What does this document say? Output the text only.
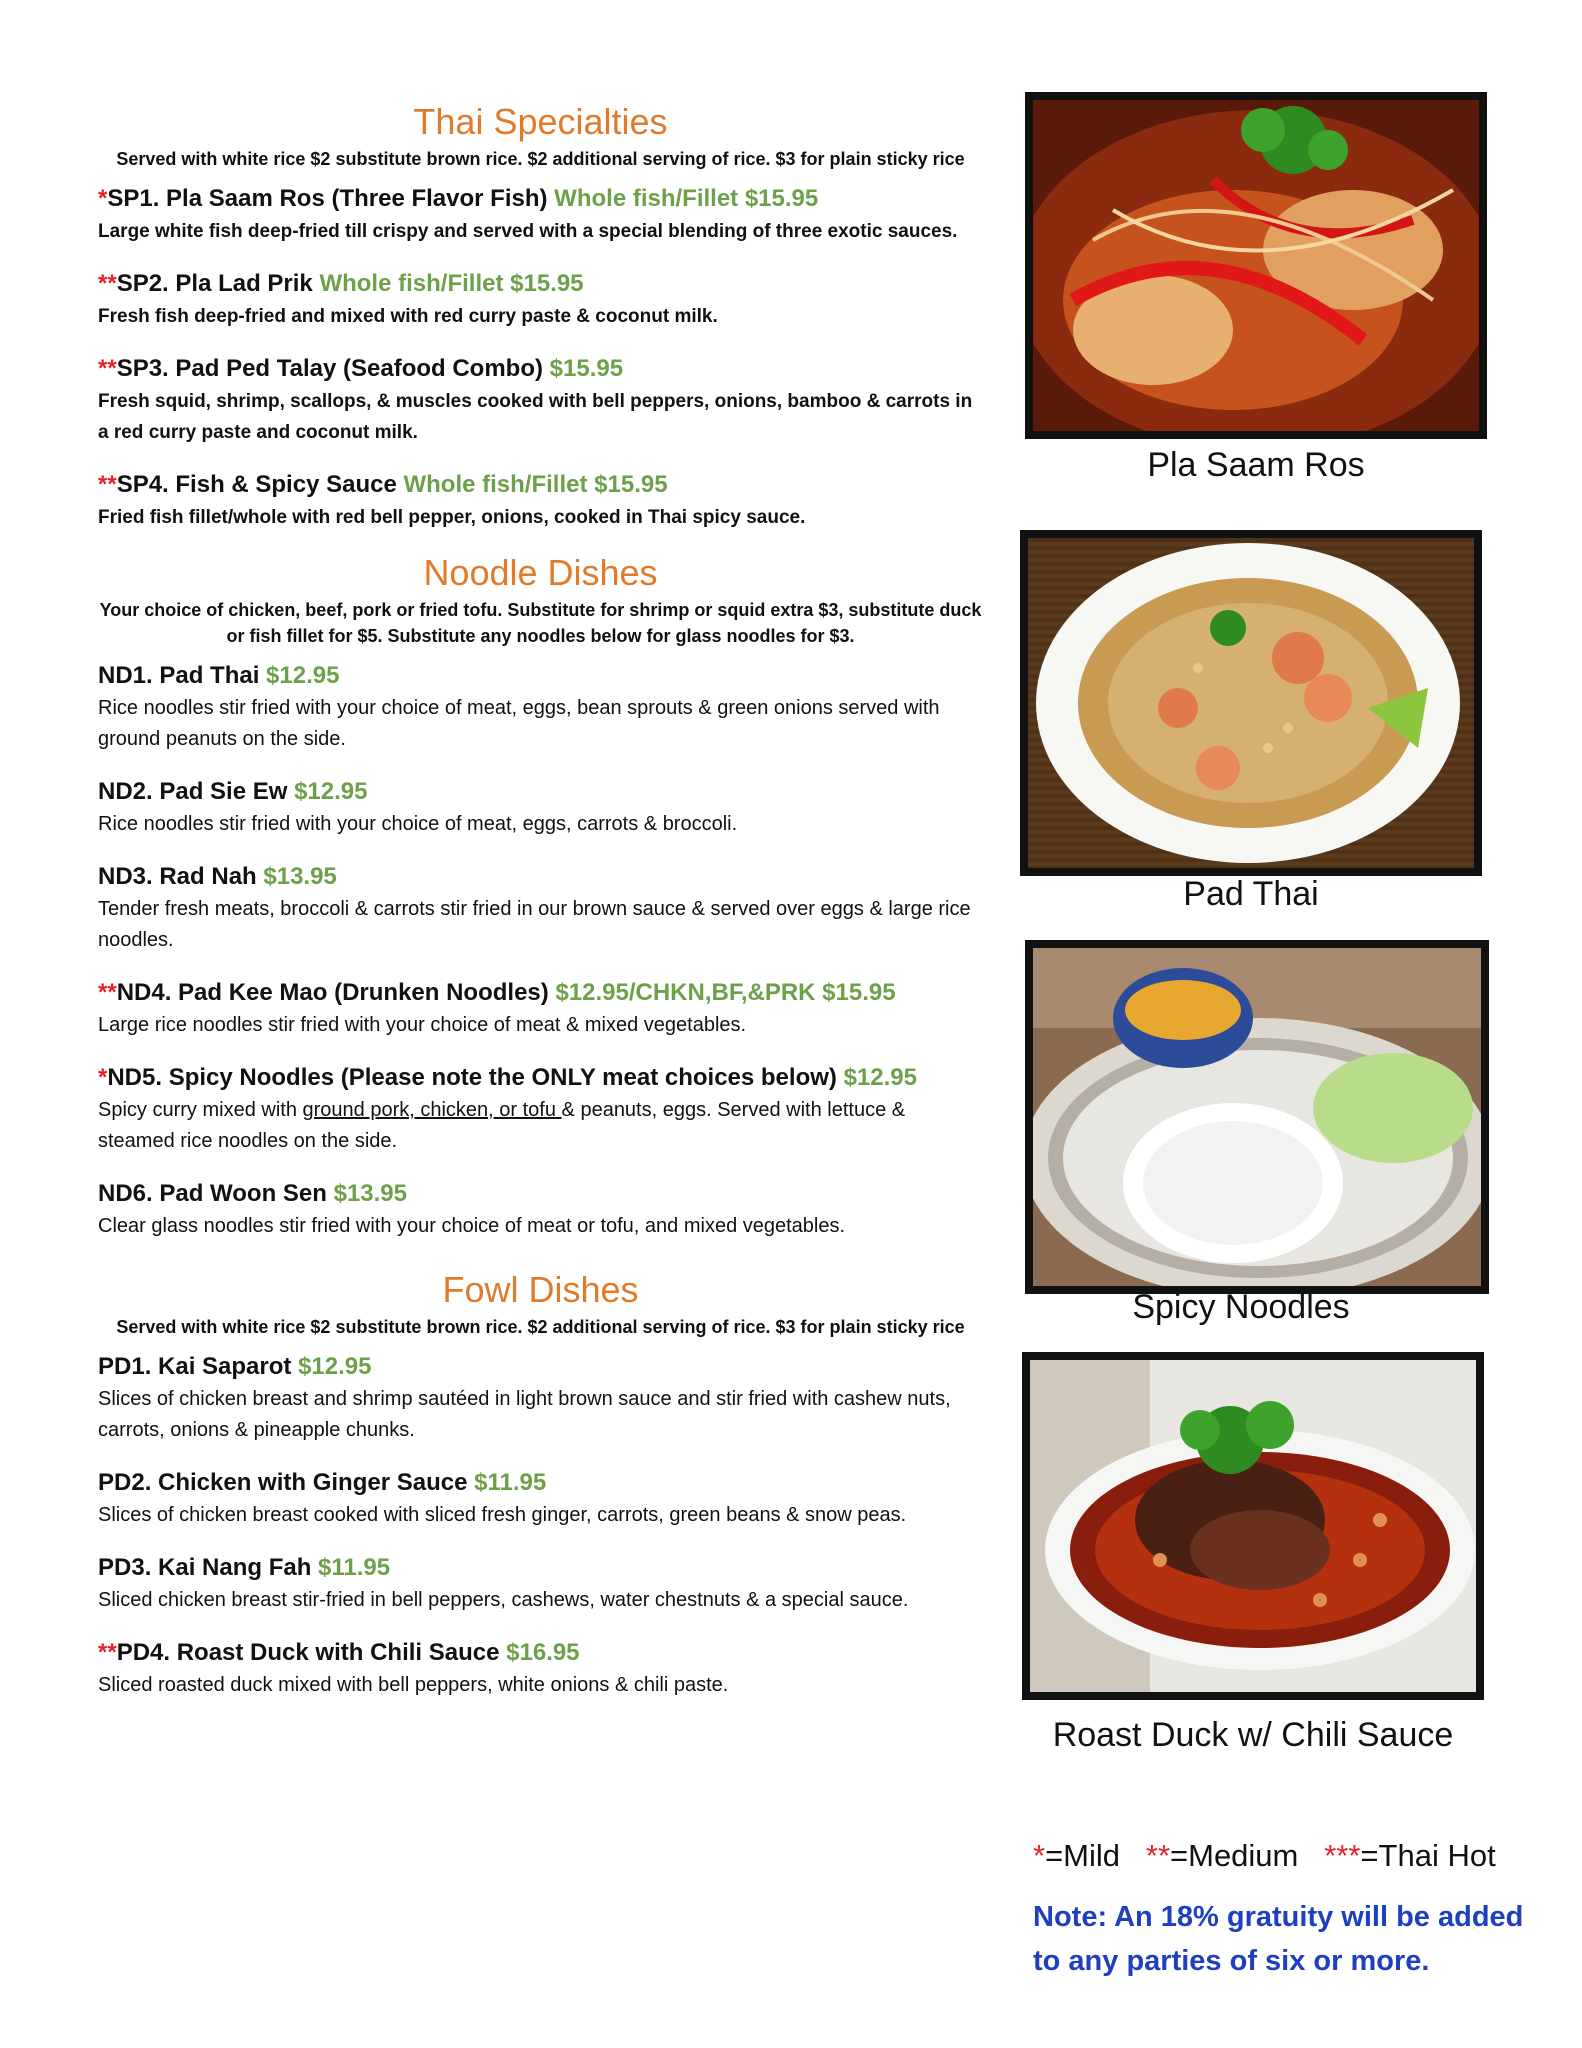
Thai Specialties
Served with white rice $2 substitute brown rice. $2 additional serving of rice. $3 for plain sticky rice
*SP1. Pla Saam Ros (Three Flavor Fish) Whole fish/Fillet $15.95
Large white fish deep-fried till crispy and served with a special blending of three exotic sauces.
**SP2. Pla Lad Prik Whole fish/Fillet $15.95
Fresh fish deep-fried and mixed with red curry paste & coconut milk.
**SP3. Pad Ped Talay (Seafood Combo) $15.95
Fresh squid, shrimp, scallops, & muscles cooked with bell peppers, onions, bamboo & carrots in a red curry paste and coconut milk.
**SP4. Fish & Spicy Sauce Whole fish/Fillet $15.95
Fried fish fillet/whole with red bell pepper, onions, cooked in Thai spicy sauce.
Noodle Dishes
Your choice of chicken, beef, pork or fried tofu. Substitute for shrimp or squid extra $3, substitute duck or fish fillet for $5. Substitute any noodles below for glass noodles for $3.
ND1. Pad Thai $12.95
Rice noodles stir fried with your choice of meat, eggs, bean sprouts & green onions served with ground peanuts on the side.
ND2. Pad Sie Ew $12.95
Rice noodles stir fried with your choice of meat, eggs, carrots & broccoli.
ND3. Rad Nah $13.95
Tender fresh meats, broccoli & carrots stir fried in our brown sauce & served over eggs & large rice noodles.
**ND4. Pad Kee Mao (Drunken Noodles) $12.95/CHKN,BF,&PRK $15.95
Large rice noodles stir fried with your choice of meat & mixed vegetables.
*ND5. Spicy Noodles (Please note the ONLY meat choices below) $12.95
Spicy curry mixed with ground pork, chicken, or tofu & peanuts, eggs. Served with lettuce & steamed rice noodles on the side.
ND6. Pad Woon Sen $13.95
Clear glass noodles stir fried with your choice of meat or tofu, and mixed vegetables.
Fowl Dishes
Served with white rice $2 substitute brown rice. $2 additional serving of rice. $3 for plain sticky rice
PD1. Kai Saparot $12.95
Slices of chicken breast and shrimp sautéed in light brown sauce and stir fried with cashew nuts, carrots, onions & pineapple chunks.
PD2. Chicken with Ginger Sauce $11.95
Slices of chicken breast cooked with sliced fresh ginger, carrots, green beans & snow peas.
PD3. Kai Nang Fah $11.95
Sliced chicken breast stir-fried in bell peppers, cashews, water chestnuts & a special sauce.
**PD4. Roast Duck with Chili Sauce $16.95
Sliced roasted duck mixed with bell peppers, white onions & chili paste.
Pla Saam Ros
Pad Thai
Spicy Noodles
Roast Duck w/ Chili Sauce
*=Mild **=Medium ***=Thai Hot
Note: An 18% gratuity will be added to any parties of six or more.
